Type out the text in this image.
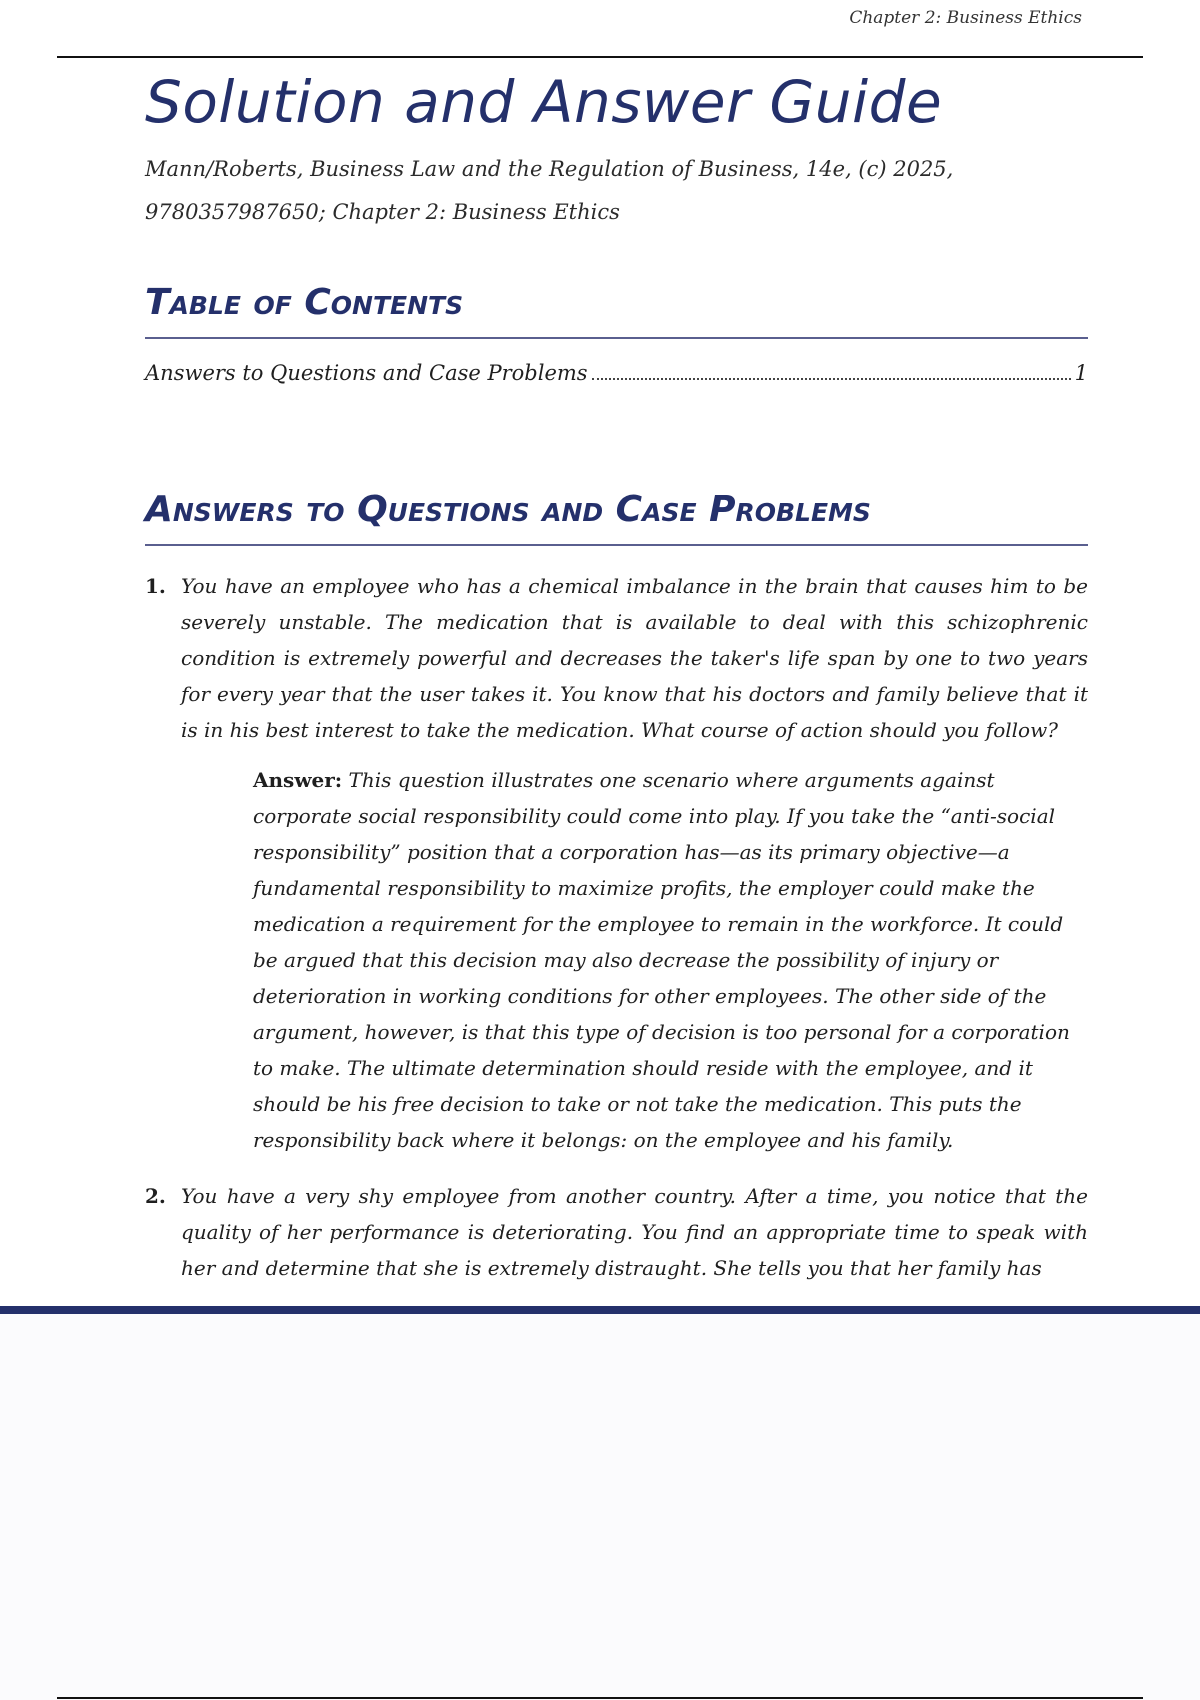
Chapter 2: Business Ethics
Solution and Answer Guide
Mann/Roberts, Business Law and the Regulation of Business, 14e, (c) 2025,
9780357987650; Chapter 2: Business Ethics
Table of Contents
Answers to Questions and Case Problems	1
Answers to Questions and Case Problems
1. You have an employee who has a chemical imbalance in the brain that causes him to be severely unstable. The medication that is available to deal with this schizophrenic condition is extremely powerful and decreases the taker's life span by one to two years for every year that the user takes it. You know that his doctors and family believe that it is in his best interest to take the medication. What course of action should you follow?
Answer: This question illustrates one scenario where arguments against corporate social responsibility could come into play. If you take the “anti-social responsibility” position that a corporation has—as its primary objective—a fundamental responsibility to maximize profits, the employer could make the medication a requirement for the employee to remain in the workforce. It could be argued that this decision may also decrease the possibility of injury or deterioration in working conditions for other employees. The other side of the argument, however, is that this type of decision is too personal for a corporation to make. The ultimate determination should reside with the employee, and it should be his free decision to take or not take the medication. This puts the responsibility back where it belongs: on the employee and his family.
2. You have a very shy employee from another country. After a time, you notice that the quality of her performance is deteriorating. You find an appropriate time to speak with her and determine that she is extremely distraught. She tells you that her family has
